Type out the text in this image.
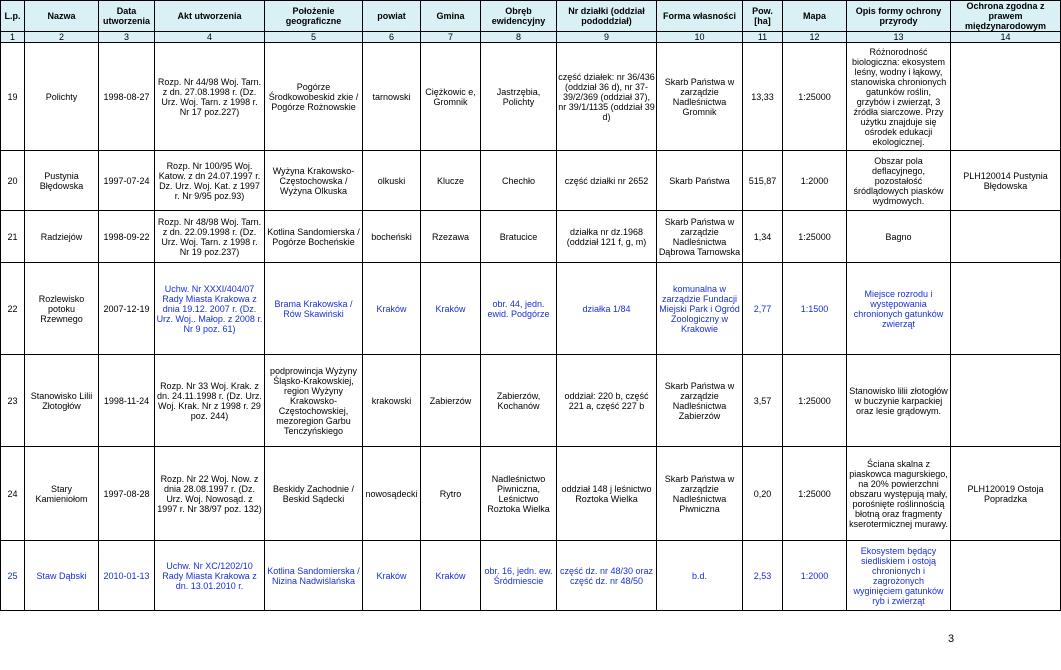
L.p.	Nazwa	Data utworzenia	Akt utworzenia	Położenie geograficzne	powiat	Gmina	Obręb ewidencyjny	Nr działki (oddział pododdział)	Forma własności	Pow. [ha]	Mapa	Opis formy ochrony przyrody	Ochrona zgodna z prawem międzynarodowym
1	2	3	4	5	6	7	8	9	10	11	12	13	14
19	Polichty	1998-08-27	Rozp. Nr 44/98 Woj. Tarn. z dn. 27.08.1998 r. (Dz. Urz. Woj. Tarn. z 1998 r. Nr 17 poz.227)	Pogórze Środkowobeskid zkie / Pogórze Rożnowskie	tarnowski	Ciężkowic e, Gromnik	Jastrzębia, Polichty	część działek: nr 36/436 (oddział 36 d), nr 37-39/2/369 (oddział 37), nr 39/1/1135 (oddział 39 d)	Skarb Państwa w zarządzie Nadleśnictwa Gromnik	13,33	1:25000	Różnorodność biologiczna: ekosystem leśny, wodny i łąkowy, stanowiska chronionych gatunków roślin, grzybów i zwierząt, 3 źródła siarczowe. Przy użytku znajduje się ośrodek edukacji ekologicznej.	
20	Pustynia Błędowska	1997-07-24	Rozp. Nr 100/95 Woj. Katow. z dn 24.07.1997 r. Dz. Urz. Woj. Kat. z 1997 r. Nr 9/95 poz.93)	Wyżyna Krakowsko-Częstochowska / Wyżyna Olkuska	olkuski	Klucze	Chechło	część działki nr 2652	Skarb Państwa	515,87	1:2000	Obszar pola deflacyjnego, pozostałość śródlądowych piasków wydmowych.	PLH120014 Pustynia Błędowska
21	Radziejów	1998-09-22	Rozp. Nr 48/98 Woj. Tarn. z dn. 22.09.1998 r. (Dz. Urz. Woj. Tarn. z 1998 r. Nr 19 poz.237)	Kotlina Sandomierska / Pogórze Bocheńskie	bocheński	Rzezawa	Bratucice	działka nr dz.1968 (oddział 121 f, g, m)	Skarb Państwa w zarządzie Nadleśnictwa Dąbrowa Tarnowska	1,34	1:25000	Bagno	
22	Rozlewisko potoku Rzewnego	2007-12-19	Uchw. Nr XXXI/404/07 Rady Miasta Krakowa z dnia 19.12. 2007 r. (Dz. Urz. Woj.. Małop. z 2008 r. Nr 9 poz. 61)	Brama Krakowska / Rów Skawiński	Kraków	Kraków	obr. 44, jedn. ewid. Podgórze	działka 1/84	komunalna w zarządzie Fundacji Miejski Park i Ogród Zoologiczny w Krakowie	2,77	1:1500	Miejsce rozrodu i występowania chronionych gatunków zwierząt	
23	Stanowisko Lilii Złotogłów	1998-11-24	Rozp. Nr 33 Woj. Krak. z dn. 24.11.1998 r. (Dz. Urz. Woj. Krak. Nr z 1998 r. 29 poz. 244)	podprowincja Wyżyny Śląsko-Krakowskiej, region Wyżyny Krakowsko-Częstochowskiej, mezoregion Garbu Tenczyńskiego	krakowski	Zabierzów	Zabierzów, Kochanów	oddział: 220 b, część 221 a, część 227 b	Skarb Państwa w zarządzie Nadleśnictwa Zabierzów	3,57	1:25000	Stanowisko lilii złotogłów w buczynie karpackiej oraz lesie grądowym.	
24	Stary Kamieniołom	1997-08-28	Rozp. Nr 22 Woj. Now. z dnia 28.08.1997 r. (Dz. Urz. Woj. Nowosąd. z 1997 r. Nr 38/97 poz. 132)	Beskidy Zachodnie / Beskid Sądecki	nowosądecki	Rytro	Nadleśnictwo Piwniczna, Leśnictwo Roztoka Wielka	oddział 148 j leśnictwo Roztoka Wielka	Skarb Państwa w zarządzie Nadleśnictwa Piwniczna	0,20	1:25000	Ściana skalna z piaskowca magurskiego, na 20% powierzchni obszaru występują mały, porośnięte roślinnością błotną oraz fragmenty kserotermicznej murawy.	PLH120019 Ostoja Popradzka
25	Staw Dąbski	2010-01-13	Uchw. Nr XC/1202/10 Rady Miasta Krakowa z dn. 13.01.2010 r.	Kotlina Sandomierska / Nizina Nadwiślańska	Kraków	Kraków	obr. 16, jedn. ew. Śródmiescie	część dz. nr 48/30 oraz część dz. nr 48/50	b.d.	2,53	1:2000	Ekosystem będący siedliskiem i ostoją chronionych i zagrożonych wyginięciem gatunków ryb i zwierząt	
3
